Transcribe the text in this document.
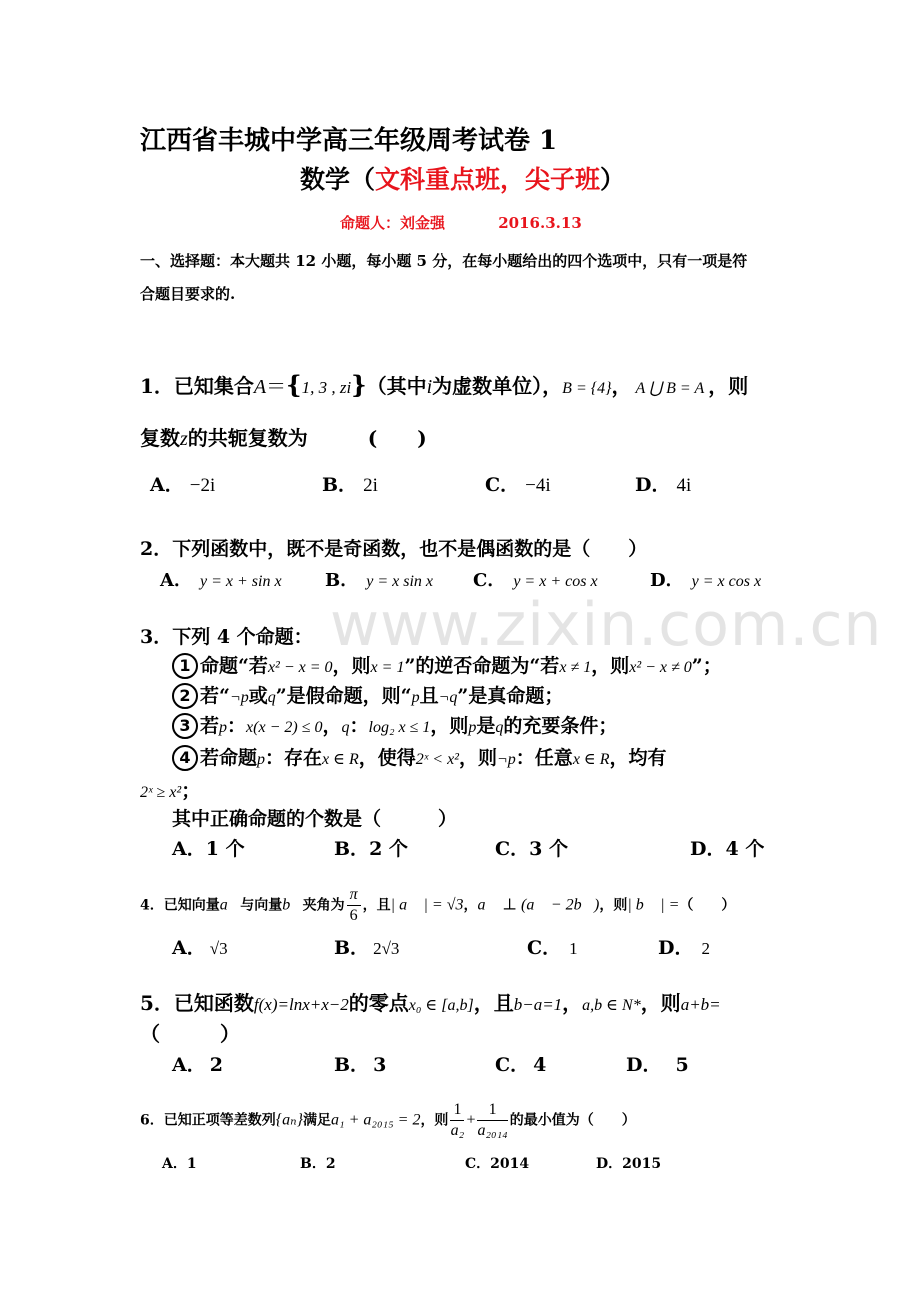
www.zixin.com.cn
江西省丰城中学高三年级周考试卷 1
数学（文科重点班，尖子班）
命题人：刘金强	2016.3.13
一、选择题：本大题共 12 小题，每小题 5 分，在每小题给出的四个选项中，只有一项是符
合题目要求的.
1．已知集合A＝{1, 3 , zi}（其中i为虚数单位），B = {4}， A ⋃ B = A ，则
复数z的共轭复数为	(　　)
A． −2i	B． 2i	C． −4i	D． 4i
2．下列函数中，既不是奇函数，也不是偶函数的是（　　）
A． y = x + sin x B． y = x sin x C． y = x + cos x	D． y = x cos x
3．下列 4 个命题：
1 命题“若x² − x = 0，则x = 1”的逆否命题为“若x ≠ 1，则x² − x ≠ 0”；
2 若“¬p或q”是假命题，则“p且¬q”是真命题；
3 若p：x(x − 2) ≤ 0，q：log₂ x ≤ 1，则p是q的充要条件；
4 若命题p：存在x ∈ R，使得2ˣ < x²，则¬p：任意x ∈ R，均有
2ˣ ≥ x²；
其中正确命题的个数是（　　　）
A．1 个	B．2 个	C．3 个	D．4 个
4．已知向量a⃗与向量b⃗夹角为 $\frac{\pi}{6}$ ，且| a⃗ | = √3，a⃗ ⊥ (a⃗ − 2b⃗)，则| b⃗ | =（　　）
A． √3	B． 2√3	C． 1	D． 2
5．已知函数f(x)=lnx+x−2的零点x₀ ∈ [a,b]，且b−a=1，a,b ∈ N*，则a+b=
（　　　）
A． 2	B． 3	C． 4	D． 5
6．已知正项等差数列{aₙ}满足a₁ + a₂₀₁₅ = 2，则 $\frac{1}{\text{a₂}} + \frac{1}{\text{a₂₀₁₄}}$ 的最小值为（　　）
A．1	B．2	C．2014	D．2015
